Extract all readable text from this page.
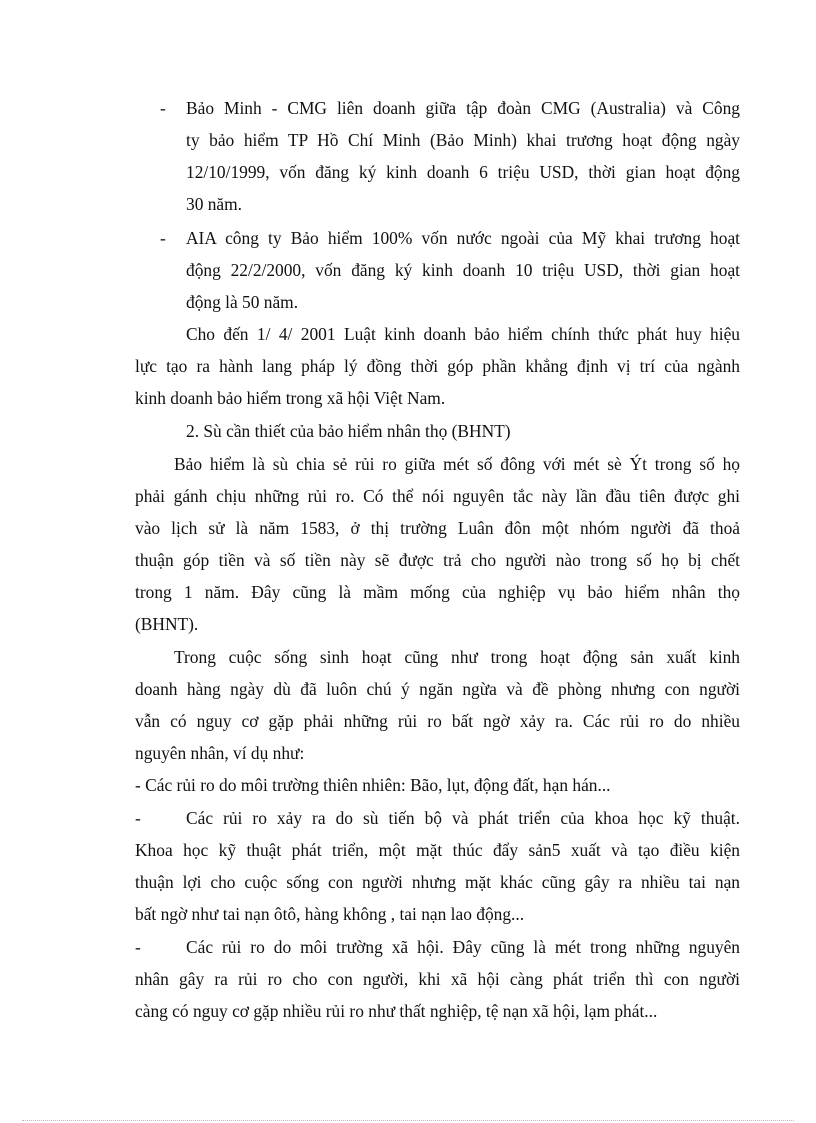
- Bảo Minh - CMG liên doanh giữa tập đoàn CMG (Australia) và Công
ty bảo hiểm TP Hồ Chí Minh (Bảo Minh) khai trương hoạt động ngày
12/10/1999, vốn đăng ký kinh doanh 6 triệu USD, thời gian hoạt động
30 năm.
- AIA công ty Bảo hiểm 100% vốn nước ngoài của Mỹ khai trương hoạt
động 22/2/2000, vốn đăng ký kinh doanh 10 triệu USD, thời gian hoạt
động là 50 năm.
Cho đến 1/ 4/ 2001 Luật kinh doanh bảo hiểm chính thức phát huy hiệu
lực tạo ra hành lang pháp lý đồng thời góp phần khẳng định vị trí của ngành
kinh doanh bảo hiểm trong xã hội Việt Nam.
2. Sù cần thiết của bảo hiểm nhân thọ (BHNT)
Bảo hiểm là sù chia sẻ rủi ro giữa mét số đông với mét sè Ýt trong số họ
phải gánh chịu những rủi ro. Có thể nói nguyên tắc này lần đầu tiên được ghi
vào lịch sử là năm 1583, ở thị trường Luân đôn một nhóm người đã thoả
thuận góp tiền và số tiền này sẽ được trả cho người nào trong số họ bị chết
trong 1 năm. Đây cũng là mầm mống của nghiệp vụ bảo hiểm nhân thọ
(BHNT).
Trong cuộc sống sinh hoạt cũng như trong hoạt động sản xuất kinh
doanh hàng ngày dù đã luôn chú ý ngăn ngừa và đề phòng nhưng con người
vẫn có nguy cơ gặp phải những rủi ro bất ngờ xảy ra. Các rủi ro do nhiều
nguyên nhân, ví dụ như:
- Các rủi ro do môi trường thiên nhiên: Bão, lụt, động đất, hạn hán...
-	Các rủi ro xảy ra do sù tiến bộ và phát triển của khoa học kỹ thuật.
Khoa học kỹ thuật phát triển, một mặt thúc đẩy sản5 xuất và tạo điều kiện
thuận lợi cho cuộc sống con người nhưng mặt khác cũng gây ra nhiều tai nạn
bất ngờ như tai nạn ôtô, hàng không , tai nạn lao động...
-	Các rủi ro do môi trường xã hội. Đây cũng là mét trong những nguyên
nhân gây ra rủi ro cho con người, khi xã hội càng phát triển thì con người
càng có nguy cơ gặp nhiều rủi ro như thất nghiệp, tệ nạn xã hội, lạm phát...
